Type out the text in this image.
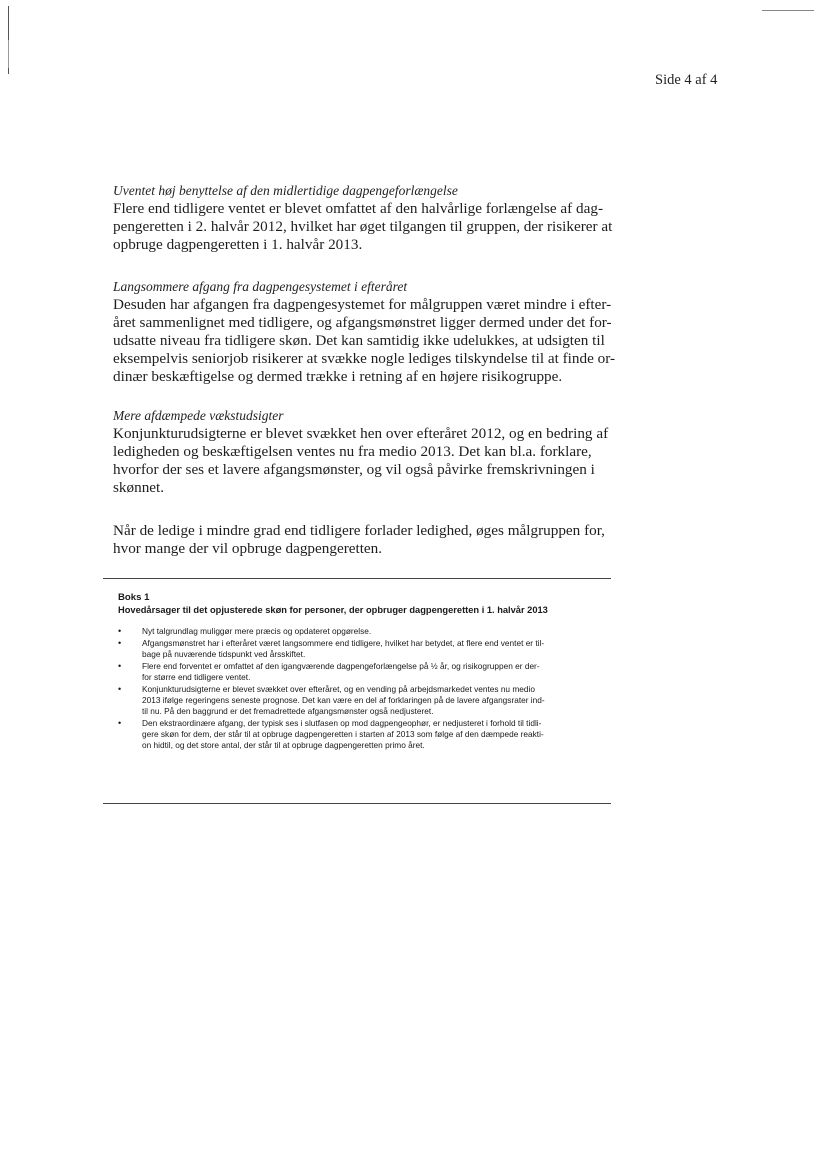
Side 4 af 4
Uventet høj benyttelse af den midlertidige dagpengeforlængelse
Flere end tidligere ventet er blevet omfattet af den halvårlige forlængelse af dag-
pengeretten i 2. halvår 2012, hvilket har øget tilgangen til gruppen, der risikerer at
opbruge dagpengeretten i 1. halvår 2013.
Langsommere afgang fra dagpengesystemet i efteråret
Desuden har afgangen fra dagpengesystemet for målgruppen været mindre i efter-
året sammenlignet med tidligere, og afgangsmønstret ligger dermed under det for-
udsatte niveau fra tidligere skøn. Det kan samtidig ikke udelukkes, at udsigten til
eksempelvis seniorjob risikerer at svække nogle lediges tilskyndelse til at finde or-
dinær beskæftigelse og dermed trække i retning af en højere risikogruppe.
Mere afdæmpede vækstudsigter
Konjunkturudsigterne er blevet svækket hen over efteråret 2012, og en bedring af
ledigheden og beskæftigelsen ventes nu fra medio 2013. Det kan bl.a. forklare,
hvorfor der ses et lavere afgangsmønster, og vil også påvirke fremskrivningen i
skønnet.
Når de ledige i mindre grad end tidligere forlader ledighed, øges målgruppen for,
hvor mange der vil opbruge dagpengeretten.
Boks 1
Hovedårsager til det opjusterede skøn for personer, der opbruger dagpengeretten i 1. halvår 2013
•	Nyt talgrundlag muliggør mere præcis og opdateret opgørelse.
•	Afgangsmønstret har i efteråret været langsommere end tidligere, hvilket har betydet, at flere end ventet er til-
bage på nuværende tidspunkt ved årsskiftet.
•	Flere end forventet er omfattet af den igangværende dagpengeforlængelse på ½ år, og risikogruppen er der-
for større end tidligere ventet.
•	Konjunkturudsigterne er blevet svækket over efteråret, og en vending på arbejdsmarkedet ventes nu medio
2013 ifølge regeringens seneste prognose. Det kan være en del af forklaringen på de lavere afgangsrater ind-
til nu. På den baggrund er det fremadrettede afgangsmønster også nedjusteret.
•	Den ekstraordinære afgang, der typisk ses i slutfasen op mod dagpengeophør, er nedjusteret i forhold til tidli-
gere skøn for dem, der står til at opbruge dagpengeretten i starten af 2013 som følge af den dæmpede reakti-
on hidtil, og det store antal, der står til at opbruge dagpengeretten primo året.
